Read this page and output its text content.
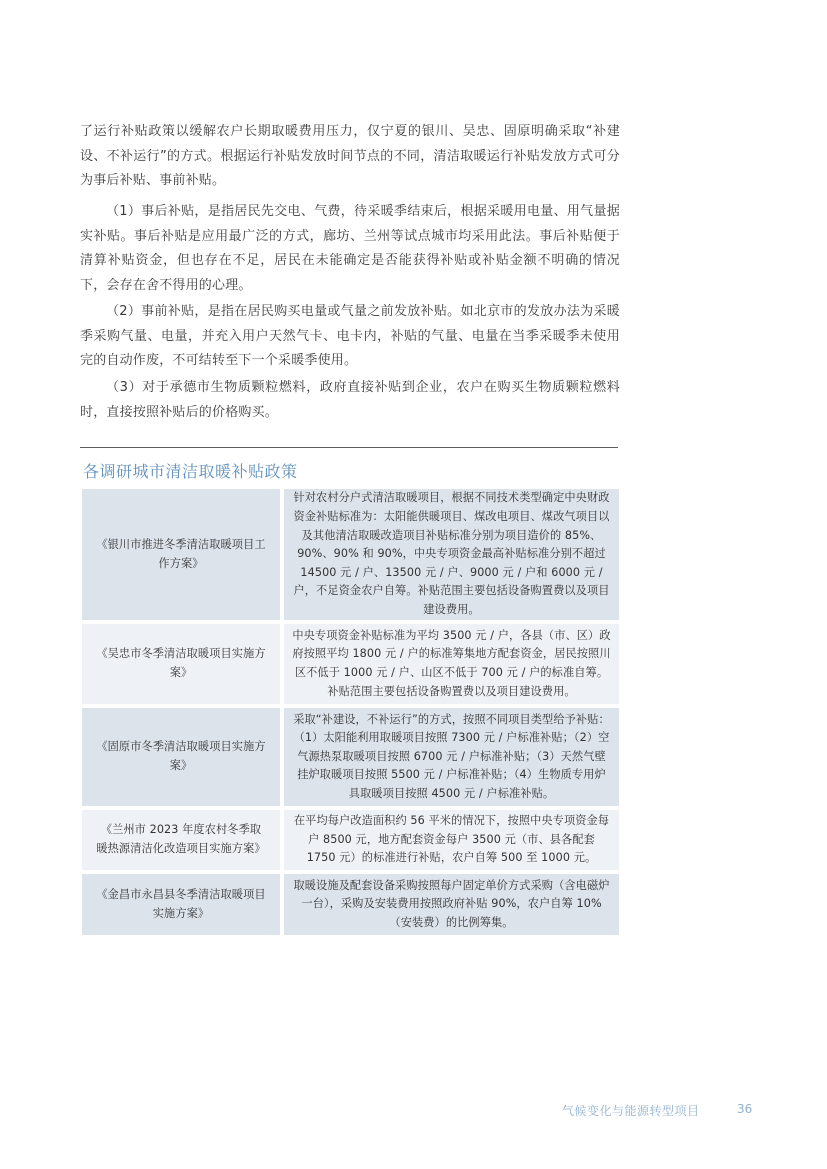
了运行补贴政策以缓解农户长期取暖费用压力，仅宁夏的银川、吴忠、固原明确采取“补建设、不补运行”的方式。根据运行补贴发放时间节点的不同，清洁取暖运行补贴发放方式可分为事后补贴、事前补贴。

（1）事后补贴，是指居民先交电、气费，待采暖季结束后，根据采暖用电量、用气量据实补贴。事后补贴是应用最广泛的方式，廊坊、兰州等试点城市均采用此法。事后补贴便于清算补贴资金，但也存在不足，居民在未能确定是否能获得补贴或补贴金额不明确的情况下，会存在舍不得用的心理。

（2）事前补贴，是指在居民购买电量或气量之前发放补贴。如北京市的发放办法为采暖季采购气量、电量，并充入用户天然气卡、电卡内，补贴的气量、电量在当季采暖季未使用完的自动作废，不可结转至下一个采暖季使用。

（3）对于承德市生物质颗粒燃料，政府直接补贴到企业，农户在购买生物质颗粒燃料时，直接按照补贴后的价格购买。

各调研城市清洁取暖补贴政策
《银川市推进冬季清洁取暖项目工作方案》
针对农村分户式清洁取暖项目，根据不同技术类型确定中央财政资金补贴标准为：太阳能供暖项目、煤改电项目、煤改气项目以及其他清洁取暖改造项目补贴标准分别为项目造价的 85%、90%、90% 和 90%，中央专项资金最高补贴标准分别不超过 14500 元 / 户、13500 元 / 户、9000 元 / 户和 6000 元 / 户，不足资金农户自筹。补贴范围主要包括设备购置费以及项目建设费用。
《吴忠市冬季清洁取暖项目实施方案》
中央专项资金补贴标准为平均 3500 元 / 户，各县（市、区）政府按照平均 1800 元 / 户的标准筹集地方配套资金，居民按照川区不低于 1000 元 / 户、山区不低于 700 元 / 户的标准自筹。补贴范围主要包括设备购置费以及项目建设费用。
《固原市冬季清洁取暖项目实施方案》
采取“补建设，不补运行”的方式，按照不同项目类型给予补贴：（1）太阳能利用取暖项目按照 7300 元 / 户标准补贴；（2）空气源热泵取暖项目按照 6700 元 / 户标准补贴；（3）天然气壁挂炉取暖项目按照 5500 元 / 户标准补贴；（4）生物质专用炉具取暖项目按照 4500 元 / 户标准补贴。
《兰州市 2023 年度农村冬季取暖热源清洁化改造项目实施方案》
在平均每户改造面积约 56 平米的情况下，按照中央专项资金每户 8500 元，地方配套资金每户 3500 元（市、县各配套 1750 元）的标准进行补贴，农户自筹 500 至 1000 元。
《金昌市永昌县冬季清洁取暖项目实施方案》
取暖设施及配套设备采购按照每户固定单价方式采购（含电磁炉一台），采购及安装费用按照政府补贴 90%，农户自筹 10%（安装费）的比例筹集。
气候变化与能源转型项目	36
